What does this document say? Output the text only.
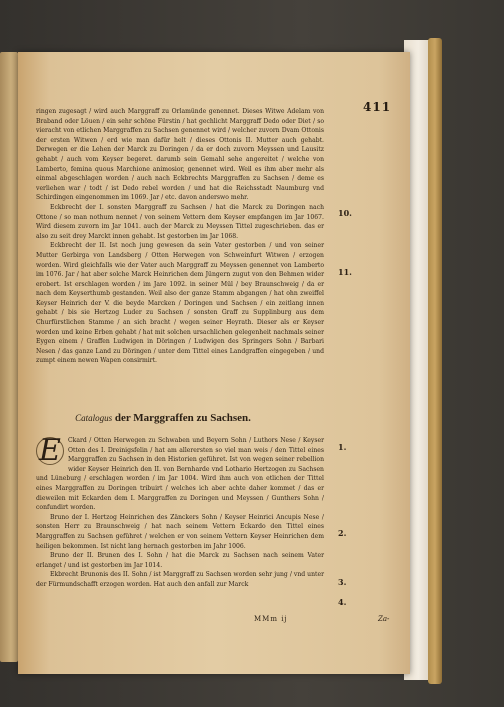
411

ringen zugesagt / wird auch Marggraff zu Orlamünde genennet. Dieses Witwe Adelam von Braband oder Löuen / ein sehr schöne Fürstin / hat gechlicht Marggraff Dedo oder Diet / so vieracht von etlichen Marggraffen zu Sachsen genennet wird / welcher zuvorn Dvam Ottonis der ersten Witwen / erd wie man dafür helt / dieses Ottonis II. Mutter auch gehabt. Derwegen er die Lehen der Marck zu Doringen / da er doch zuvorn Meyssen und Lausitz gehabt / auch vom Keyser begeret. darumb sein Gemahl sehe angereitet / welche von Lamberto, femina quous Marchione animosior, genennet wird. Weil es ihm aber mehr als einmal abgeschlagen worden / auch nach Eckbrechts Marggraffen zu Sachsen / deme es verliehen war / todt / ist Dedo rebel worden / und hat die Reichsstadt Naumburg vnd Schirdingen eingenommen im 1069. Jar / etc. davon anderswo mehr.

Eckbrecht der I. sonsten Marggraff zu Sachsen / hat die Marck zu Doringen nach Ottone / so man nothum nennet / von seinem Vettern dem Keyser empfangen im Jar 1067. Wird diesem zuvorn im Jar 1041. auch der Marck zu Meyssen Tittel zugeschrieben. das er also zu seit drey Marckt innen gehabt. Ist gestorben im Jar 1068.

Eckbrecht der II. Ist noch jung gewesen da sein Vater gestorben / und von seiner Mutter Gerbirga von Landsberg / Otten Herwegen von Schweinfurt Witwen / erzogen worden. Wird gleichfalls wie der Vater auch Marggraff zu Meyssen genennet von Lamberto im 1076. Jar / hat aber solche Marck Heinrichen dem Jüngern zugut von den Behmen wider erobert. Ist erschlagen worden / im Jare 1092. in seiner Mül / bey Braunschweig / da er nach dem Keyserthumb gestanden. Weil also der ganze Stamm abgangen / hat ohn zweiffel Keyser Heinrich der V. die beyde Marcken / Doringen und Sachsen / ein zeitlang innen gehabt / bis sie Hertzog Luder zu Sachsen / sonsten Graff zu Supplinburg aus dem Churfürstlichen Stamme / an sich bracht / wegen seiner Heyrath. Dieser als er Keyser worden und keine Erben gehabt / hat mit solchen ursachlichen gelegenheit nachmals seiner Eygen einem / Graffen Ludwigen in Döringen / Ludwigen des Springers Sohn / Barbari Nesen / das ganze Land zu Döringen / unter dem Tittel eines Landgraffen eingegeben / und zumpt einem newen Wapen consirmirt.

10.
11.
Catalogus der Marggraffen zu Sachsen.

E	Ckard / Otten Herwegen zu Schwaben und Beyern Sohn / Luthors Nese / Keyser Otten des I. Dreinigsfelin / hat am allerersten so viel man weis / den Tittel eines Marggraffen zu Sachsen in den Historien geführet. Ist von wegen seiner rebellion wider Keyser Heinrich den II. von Bernharde vnd Lothario Hertzogen zu Sachsen und Lüneburg / erschlagen worden / im Jar 1004. Wird ihm auch von etlichen der Tittel eines Marggraffen zu Doringen tribuirt / welches ich aber achte daher kommet / das er dieweilen mit Eckarden dem I. Marggraffen zu Doringen und Meyssen / Gunthers Sohn / confundirt worden.

Bruno der I. Hertzog Heinrichen des Zänckers Sohn / Keyser Heinrici Ancupis Nese / sonsten Herr zu Braunschweig / hat nach seinem Vettern Eckardo den Tittel eines Marggraffen zu Sachsen geführet / welchen er von seinem Vettern Keyser Heinrichen dem heiligen bekommen. Ist nicht lang hernach gestorben im Jahr 1006.

Bruno der II. Brunen des I. Sohn / hat die Marck zu Sachsen nach seinem Vater erlanget / und ist gestorben im Jar 1014.

Ekbrecht Brunonis des II. Sohn / ist Marggraff zu Sachsen worden sehr jung / vnd unter der Fürmundschafft erzogen worden. Hat auch den anfall zur Marck

1.
2.
3.
4.
MMm ij	Za-
